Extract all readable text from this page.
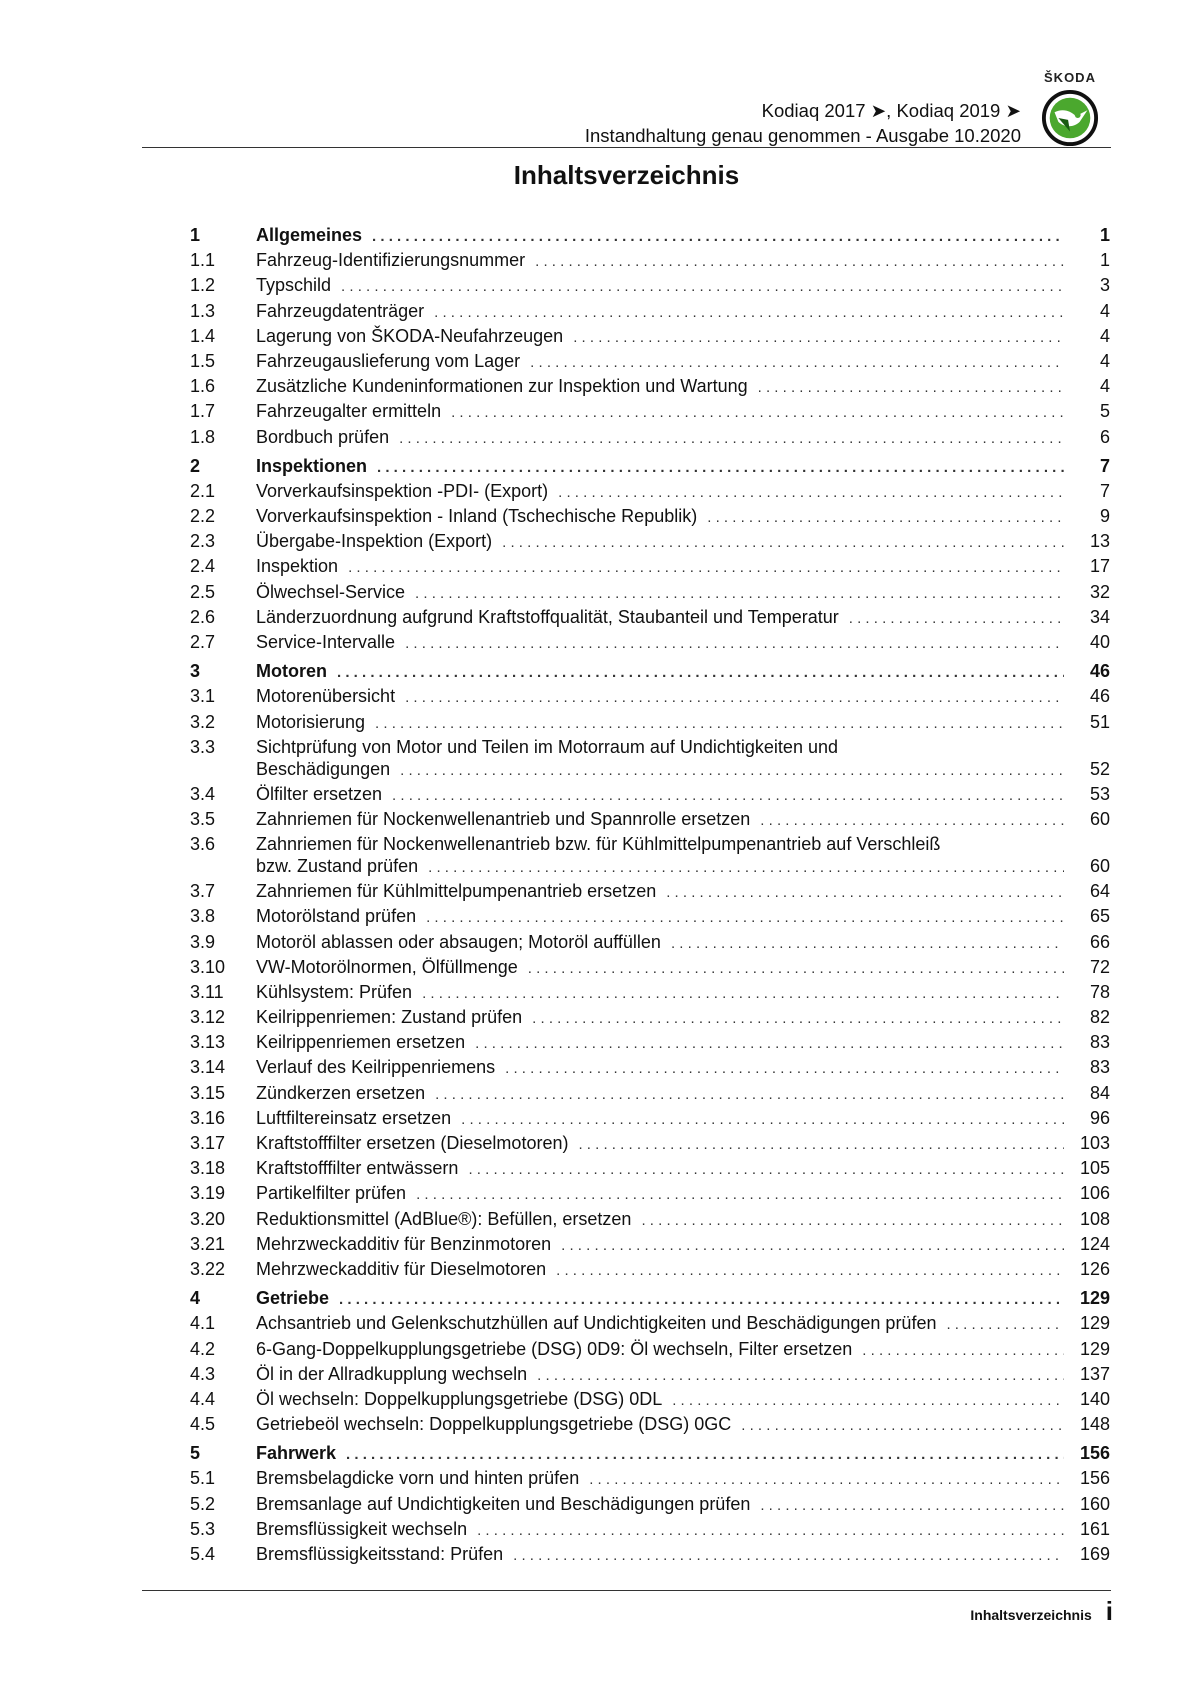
ŠKODA
Kodiaq 2017 ➤, Kodiaq 2019 ➤
Instandhaltung genau genommen - Ausgabe 10.2020
Inhaltsverzeichnis
1	Allgemeines . . .	1
1.1	Fahrzeug-Identifizierungsnummer . . .	1
1.2	Typschild . . .	3
1.3	Fahrzeugdatenträger . . .	4
1.4	Lagerung von ŠKODA-Neufahrzeugen . . .	4
1.5	Fahrzeugauslieferung vom Lager . . .	4
1.6	Zusätzliche Kundeninformationen zur Inspektion und Wartung . . .	4
1.7	Fahrzeugalter ermitteln . . .	5
1.8	Bordbuch prüfen . . .	6
2	Inspektionen . . .	7
2.1	Vorverkaufsinspektion -PDI- (Export) . . .	7
2.2	Vorverkaufsinspektion - Inland (Tschechische Republik) . . .	9
2.3	Übergabe-Inspektion (Export) . . .	13
2.4	Inspektion . . .	17
2.5	Ölwechsel-Service . . .	32
2.6	Länderzuordnung aufgrund Kraftstoffqualität, Staubanteil und Temperatur . . .	34
2.7	Service-Intervalle . . .	40
3	Motoren . . .	46
3.1	Motorenübersicht . . .	46
3.2	Motorisierung . . .	51
3.3	Sichtprüfung von Motor und Teilen im Motorraum auf Undichtigkeiten und
Beschädigungen . . .	52
3.4	Ölfilter ersetzen . . .	53
3.5	Zahnriemen für Nockenwellenantrieb und Spannrolle ersetzen . . .	60
3.6	Zahnriemen für Nockenwellenantrieb bzw. für Kühlmittelpumpenantrieb auf Verschleiß
bzw. Zustand prüfen . . .	60
3.7	Zahnriemen für Kühlmittelpumpenantrieb ersetzen . . .	64
3.8	Motorölstand prüfen . . .	65
3.9	Motoröl ablassen oder absaugen; Motoröl auffüllen . . .	66
3.10	VW-Motorölnormen, Ölfüllmenge . . .	72
3.11	Kühlsystem: Prüfen . . .	78
3.12	Keilrippenriemen: Zustand prüfen . . .	82
3.13	Keilrippenriemen ersetzen . . .	83
3.14	Verlauf des Keilrippenriemens . . .	83
3.15	Zündkerzen ersetzen . . .	84
3.16	Luftfiltereinsatz ersetzen . . .	96
3.17	Kraftstofffilter ersetzen (Dieselmotoren) . . .	103
3.18	Kraftstofffilter entwässern . . .	105
3.19	Partikelfilter prüfen . . .	106
3.20	Reduktionsmittel (AdBlue®): Befüllen, ersetzen . . .	108
3.21	Mehrzweckadditiv für Benzinmotoren . . .	124
3.22	Mehrzweckadditiv für Dieselmotoren . . .	126
4	Getriebe . . .	129
4.1	Achsantrieb und Gelenkschutzhüllen auf Undichtigkeiten und Beschädigungen prüfen . . .	129
4.2	6-Gang-Doppelkupplungsgetriebe (DSG) 0D9: Öl wechseln, Filter ersetzen . . .	129
4.3	Öl in der Allradkupplung wechseln . . .	137
4.4	Öl wechseln: Doppelkupplungsgetriebe (DSG) 0DL . . .	140
4.5	Getriebeöl wechseln: Doppelkupplungsgetriebe (DSG) 0GC . . .	148
5	Fahrwerk . . .	156
5.1	Bremsbelagdicke vorn und hinten prüfen . . .	156
5.2	Bremsanlage auf Undichtigkeiten und Beschädigungen prüfen . . .	160
5.3	Bremsflüssigkeit wechseln . . .	161
5.4	Bremsflüssigkeitsstand: Prüfen . . .	169
Inhaltsverzeichnis i
